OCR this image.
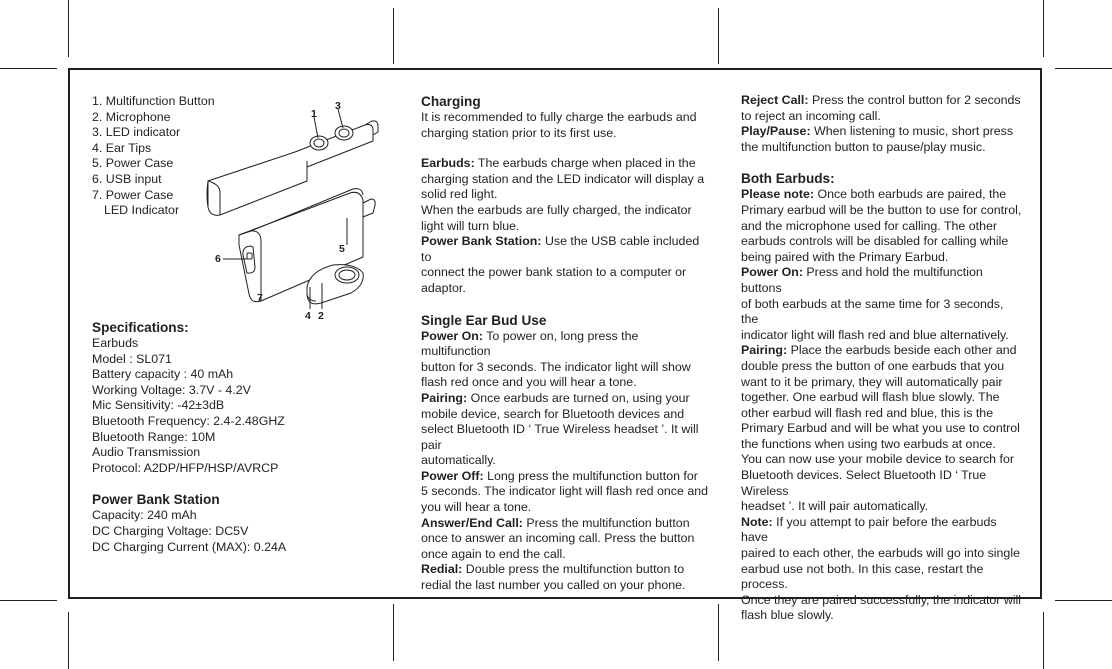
1. Multifunction Button
2. Microphone
3. LED indicator
4. Ear Tips
5. Power Case
6. USB input
7. Power Case
LED Indicator
1
3
5
6
7
4 2

Specifications:

Earbuds

Model : SL071

Battery capacity : 40 mAh

Working Voltage: 3.7V - 4.2V

Mic Sensitivity: -42±3dB

Bluetooth Frequency: 2.4-2.48GHZ

Bluetooth Range: 10M

Audio Transmission

Protocol: A2DP/HFP/HSP/AVRCP

Power Bank Station

Capacity: 240 mAh

DC Charging Voltage: DC5V

DC Charging Current (MAX): 0.24A

Charging

It is recommended to fully charge the earbuds and

charging station prior to its first use.

Earbuds: The earbuds charge when placed in the

charging station and the LED indicator will display a

solid red light.

When the earbuds are fully charged, the indicator

light will turn blue.

Power Bank Station: Use the USB cable included to

connect the power bank station to a computer or

adaptor.

Single Ear Bud Use

Power On: To power on, long press the multifunction

button for 3 seconds. The indicator light will show

flash red once and you will hear a tone.

Pairing: Once earbuds are turned on, using your

mobile device, search for Bluetooth devices and

select Bluetooth ID ‘ True Wireless headset ’. It will pair

automatically.

Power Off: Long press the multifunction button for

5 seconds. The indicator light will flash red once and

you will hear a tone.

Answer/End Call: Press the multifunction button

once to answer an incoming call. Press the button

once again to end the call.

Redial: Double press the multifunction button to

redial the last number you called on your phone.

Reject Call: Press the control button for 2 seconds

to reject an incoming call.

Play/Pause: When listening to music, short press

the multifunction button to pause/play music.

Both Earbuds:

Please note: Once both earbuds are paired, the

Primary earbud will be the button to use for control,

and the microphone used for calling. The other

earbuds controls will be disabled for calling while

being paired with the Primary Earbud.

Power On: Press and hold the multifunction buttons

of both earbuds at the same time for 3 seconds, the

indicator light will flash red and blue alternatively.

Pairing: Place the earbuds beside each other and

double press the button of one earbuds that you

want to it be primary, they will automatically pair

together. One earbud will flash blue slowly. The

other earbud will flash red and blue, this is the

Primary Earbud and will be what you use to control

the functions when using two earbuds at once.

You can now use your mobile device to search for

Bluetooth devices. Select Bluetooth ID ‘ True Wireless

headset ’. It will pair automatically.

Note: If you attempt to pair before the earbuds have

paired to each other, the earbuds will go into single

earbud use not both. In this case, restart the process.

Once they are paired successfully, the indicator will

flash blue slowly.
